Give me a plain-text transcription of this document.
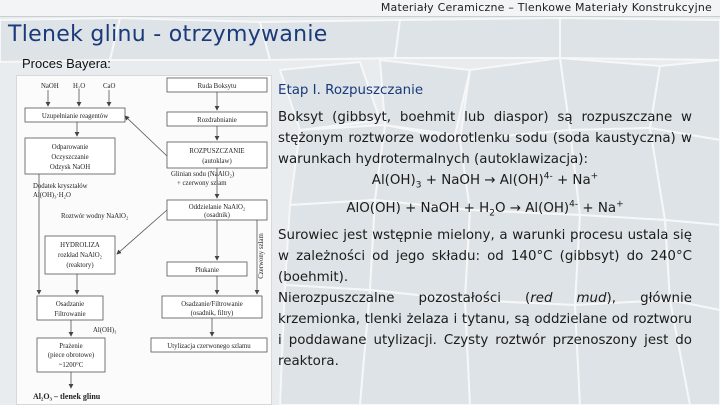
Materiały Ceramiczne – Tlenkowe Materiały Konstrukcyjne
Tlenek glinu - otrzymywanie
Proces Bayera:
NaOH H₂O	CaO	Ruda Boksytu
Uzupełnianie reagentów
Rozdrabnianie
Odparowanie
Oczyszczanie
Odzysk NaOH
ROZPUSZCZANIE
(autoklaw)
Dodatek kryształów
Al(OH)₃·H₂O
Roztwór wodny NaAlO₂
Glinian sodu (NaAlO₂)
+ czerwony szlam
Oddzielanie NaAlO₂
(osadnik)
HYDROLIZA
rozkład NaAlO₂
(reaktory)
Płukanie	Czerwony szlam
Osadzanie
Filtrowanie
Osadzanie/Filtrowanie
(osadnik, filtry)
Al(OH)₃
Prażenie
(piece obrotowe)
~1200°C
Utylizacja czerwonego szlamu
Al₂O₃ – tlenek glinu
Etap I. Rozpuszczanie
Boksyt (gibbsyt, boehmit lub diaspor) są rozpuszczane w stężonym roztworze wodorotlenku sodu (soda kaustyczna) w warunkach hydrotermalnych (autoklawizacja):
$Al(OH)_3$ + NaOH → Al(OH)$^{4-}$ + Na+
AlO(OH) + NaOH + $H_2O \to Al(OH)^{4-} + Na^+$
Surowiec jest wstępnie mielony, a warunki procesu ustala się w zależności od jego składu: od 140°C (gibbsyt) do 240°C (boehmit).
Nierozpuszczalne pozostałości (red mud), głównie krzemionka, tlenki żelaza i tytanu, są oddzielane od roztworu i poddawane utylizacji. Czysty roztwór przenoszony jest do reaktora.
